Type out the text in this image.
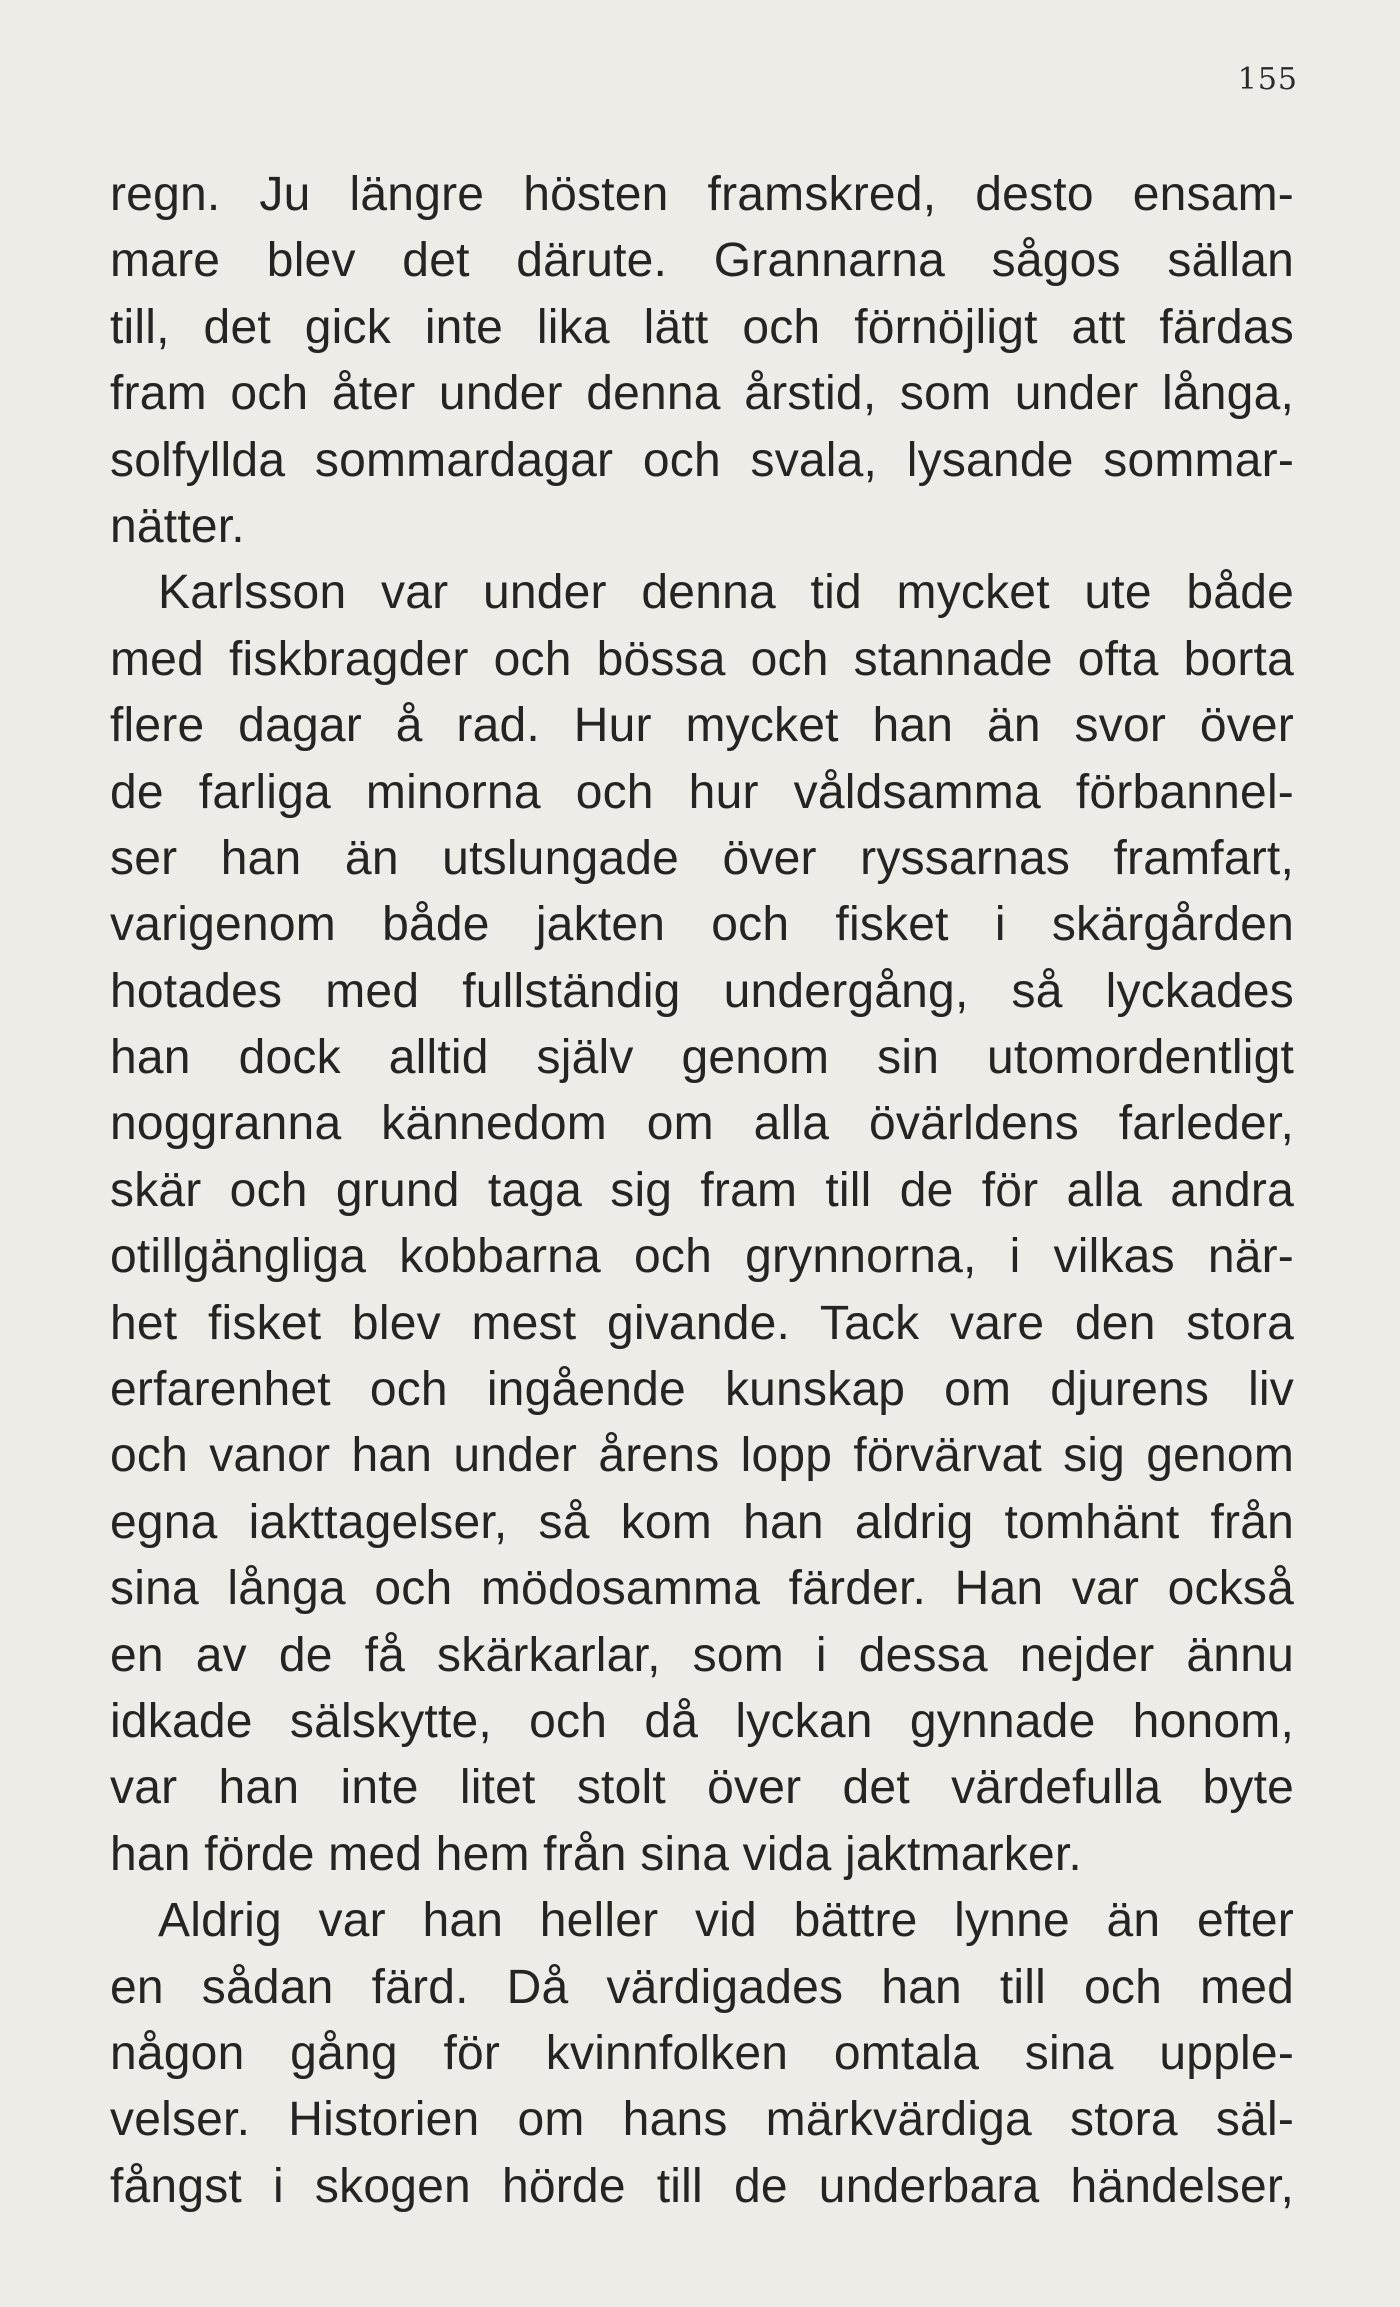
155
regn. Ju längre hösten framskred, desto ensam-
mare blev det därute. Grannarna sågos sällan
till, det gick inte lika lätt och förnöjligt att färdas
fram och åter under denna årstid, som under långa,
solfyllda sommardagar och svala, lysande sommar-
nätter.
Karlsson var under denna tid mycket ute både
med fiskbragder och bössa och stannade ofta borta
flere dagar å rad. Hur mycket han än svor över
de farliga minorna och hur våldsamma förbannel-
ser han än utslungade över ryssarnas framfart,
varigenom både jakten och fisket i skärgården
hotades med fullständig undergång, så lyckades
han dock alltid själv genom sin utomordentligt
noggranna kännedom om alla övärldens farleder,
skär och grund taga sig fram till de för alla andra
otillgängliga kobbarna och grynnorna, i vilkas när-
het fisket blev mest givande. Tack vare den stora
erfarenhet och ingående kunskap om djurens liv
och vanor han under årens lopp förvärvat sig genom
egna iakttagelser, så kom han aldrig tomhänt från
sina långa och mödosamma färder. Han var också
en av de få skärkarlar, som i dessa nejder ännu
idkade sälskytte, och då lyckan gynnade honom,
var han inte litet stolt över det värdefulla byte
han förde med hem från sina vida jaktmarker.
Aldrig var han heller vid bättre lynne än efter
en sådan färd. Då värdigades han till och med
någon gång för kvinnfolken omtala sina upple-
velser. Historien om hans märkvärdiga stora säl-
fångst i skogen hörde till de underbara händelser,
